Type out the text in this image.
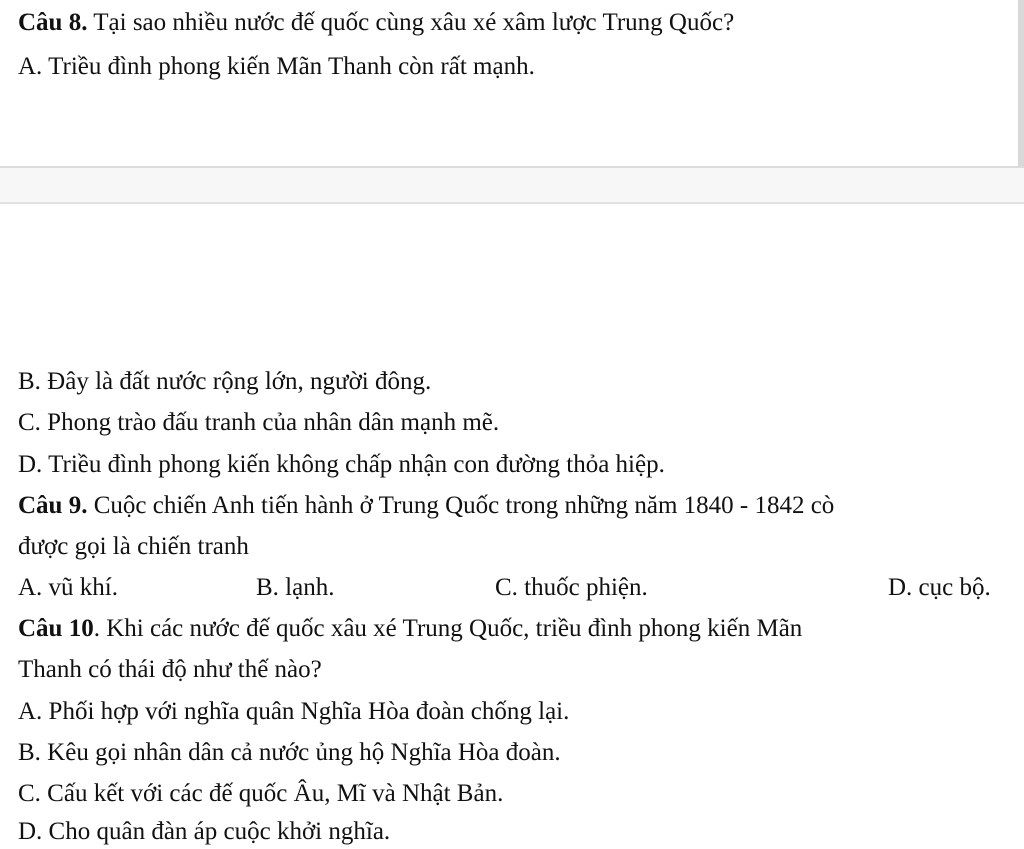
Câu 8. Tại sao nhiều nước đế quốc cùng xâu xé xâm lược Trung Quốc?
A. Triều đình phong kiến Mãn Thanh còn rất mạnh.
B. Đây là đất nước rộng lớn, người đông.
C. Phong trào đấu tranh của nhân dân mạnh mẽ.
D. Triều đình phong kiến không chấp nhận con đường thỏa hiệp.
Câu 9. Cuộc chiến Anh tiến hành ở Trung Quốc trong những năm 1840 - 1842 cò
được gọi là chiến tranh
A. vũ khí.	B. lạnh.	C. thuốc phiện.	D. cục bộ.
Câu 10. Khi các nước đế quốc xâu xé Trung Quốc, triều đình phong kiến Mãn
Thanh có thái độ như thế nào?
A. Phối hợp với nghĩa quân Nghĩa Hòa đoàn chống lại.
B. Kêu gọi nhân dân cả nước ủng hộ Nghĩa Hòa đoàn.
C. Cấu kết với các đế quốc Âu, Mĩ và Nhật Bản.
D. Cho quân đàn áp cuộc khởi nghĩa.
